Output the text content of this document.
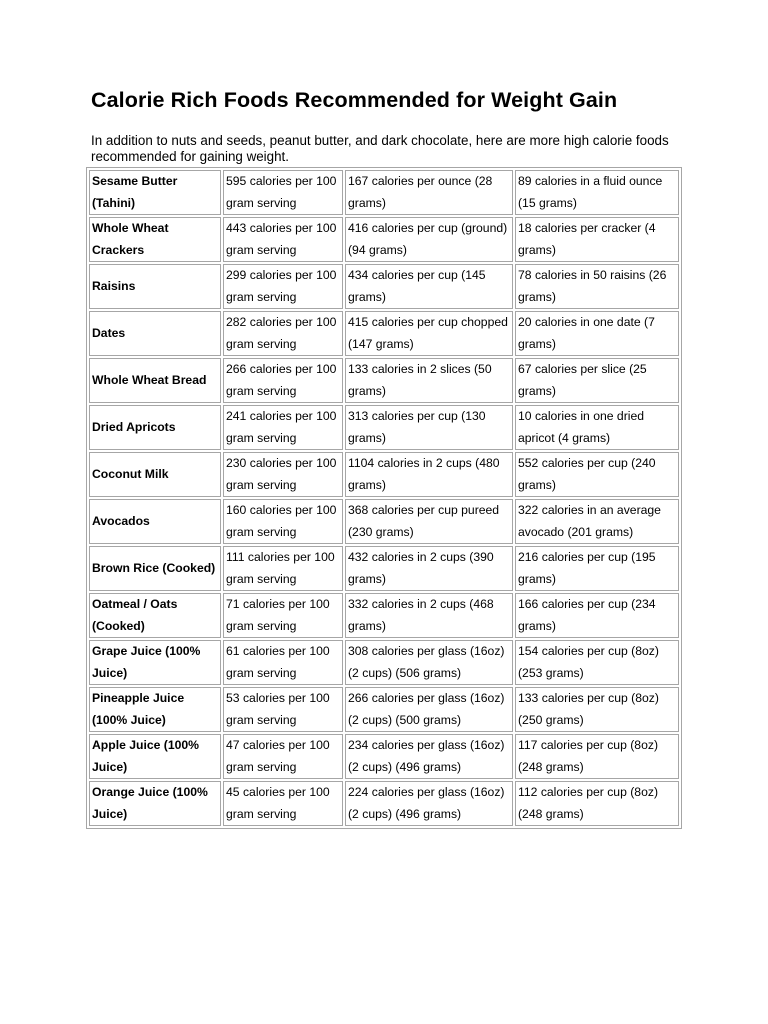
Calorie Rich Foods Recommended for Weight Gain

In addition to nuts and seeds, peanut butter, and dark chocolate, here are more high calorie foods recommended for gaining weight.

Sesame Butter (Tahini)	595 calories per 100 gram serving	167 calories per ounce (28 grams)	89 calories in a fluid ounce (15 grams)
Whole Wheat Crackers	443 calories per 100 gram serving	416 calories per cup (ground) (94 grams)	18 calories per cracker (4 grams)
Raisins	299 calories per 100 gram serving	434 calories per cup (145 grams)	78 calories in 50 raisins (26 grams)
Dates	282 calories per 100 gram serving	415 calories per cup chopped (147 grams)	20 calories in one date (7 grams)
Whole Wheat Bread	266 calories per 100 gram serving	133 calories in 2 slices (50 grams)	67 calories per slice (25 grams)
Dried Apricots	241 calories per 100 gram serving	313 calories per cup (130 grams)	10 calories in one dried apricot (4 grams)
Coconut Milk	230 calories per 100 gram serving	1104 calories in 2 cups (480 grams)	552 calories per cup (240 grams)
Avocados	160 calories per 100 gram serving	368 calories per cup pureed (230 grams)	322 calories in an average avocado (201 grams)
Brown Rice (Cooked)	111 calories per 100 gram serving	432 calories in 2 cups (390 grams)	216 calories per cup (195 grams)
Oatmeal / Oats (Cooked)	71 calories per 100 gram serving	332 calories in 2 cups (468 grams)	166 calories per cup (234 grams)
Grape Juice (100% Juice)	61 calories per 100 gram serving	308 calories per glass (16oz) (2 cups) (506 grams)	154 calories per cup (8oz) (253 grams)
Pineapple Juice (100% Juice)	53 calories per 100 gram serving	266 calories per glass (16oz) (2 cups) (500 grams)	133 calories per cup (8oz) (250 grams)
Apple Juice (100% Juice)	47 calories per 100 gram serving	234 calories per glass (16oz) (2 cups) (496 grams)	117 calories per cup (8oz) (248 grams)
Orange Juice (100% Juice)	45 calories per 100 gram serving	224 calories per glass (16oz) (2 cups) (496 grams)	112 calories per cup (8oz) (248 grams)
